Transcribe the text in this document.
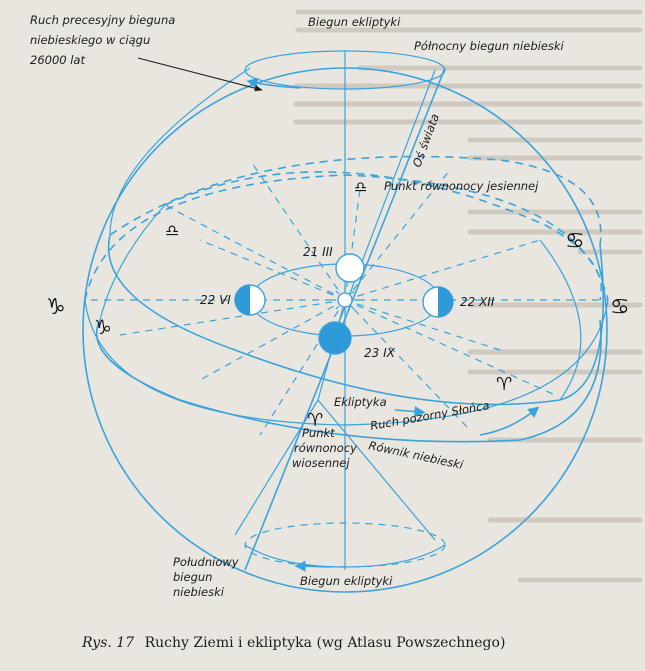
Ruch precesyjny bieguna
niebieskiego w ciągu
26000 lat
Biegun ekliptyki
Północny biegun niebieski
Oś świata
Punkt równonocy jesiennej
21 III
22 VI	22 XII
23 IX
Ekliptyka
Ruch pozorny Słońca
Równik niebieski
Punkt
równonocy
wiosennej
Południowy
biegun
niebieski
Biegun ekliptyki
♎
♎	♋
♋
♑
♑
♈
♈
Rys. 17 Ruchy Ziemi i ekliptyka (wg Atlasu Powszechnego)
